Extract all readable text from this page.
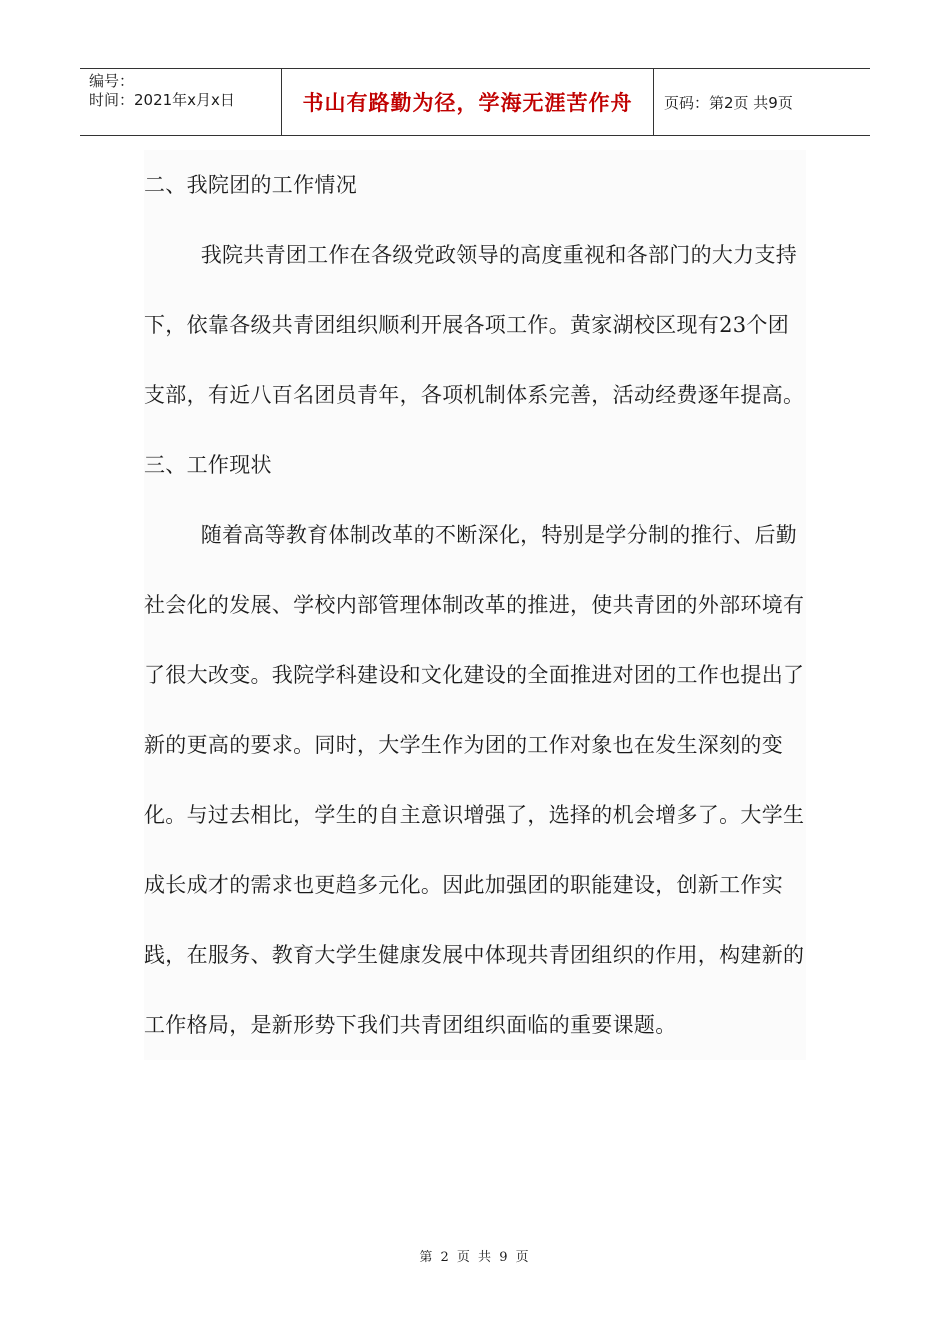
编号：
时间：2021年x月x日	书山有路勤为径，学海无涯苦作舟 页码：第2页 共9页

二、我院团的工作情况

我院共青团工作在各级党政领导的高度重视和各部门的大力支持下，依靠各级共青团组织顺利开展各项工作。黄家湖校区现有23个团支部，有近八百名团员青年，各项机制体系完善，活动经费逐年提高。

三、工作现状

随着高等教育体制改革的不断深化，特别是学分制的推行、后勤社会化的发展、学校内部管理体制改革的推进，使共青团的外部环境有了很大改变。我院学科建设和文化建设的全面推进对团的工作也提出了新的更高的要求。同时，大学生作为团的工作对象也在发生深刻的变化。与过去相比，学生的自主意识增强了，选择的机会增多了。大学生成长成才的需求也更趋多元化。因此加强团的职能建设，创新工作实践，在服务、教育大学生健康发展中体现共青团组织的作用，构建新的工作格局，是新形势下我们共青团组织面临的重要课题。

第 2 页 共 9 页
